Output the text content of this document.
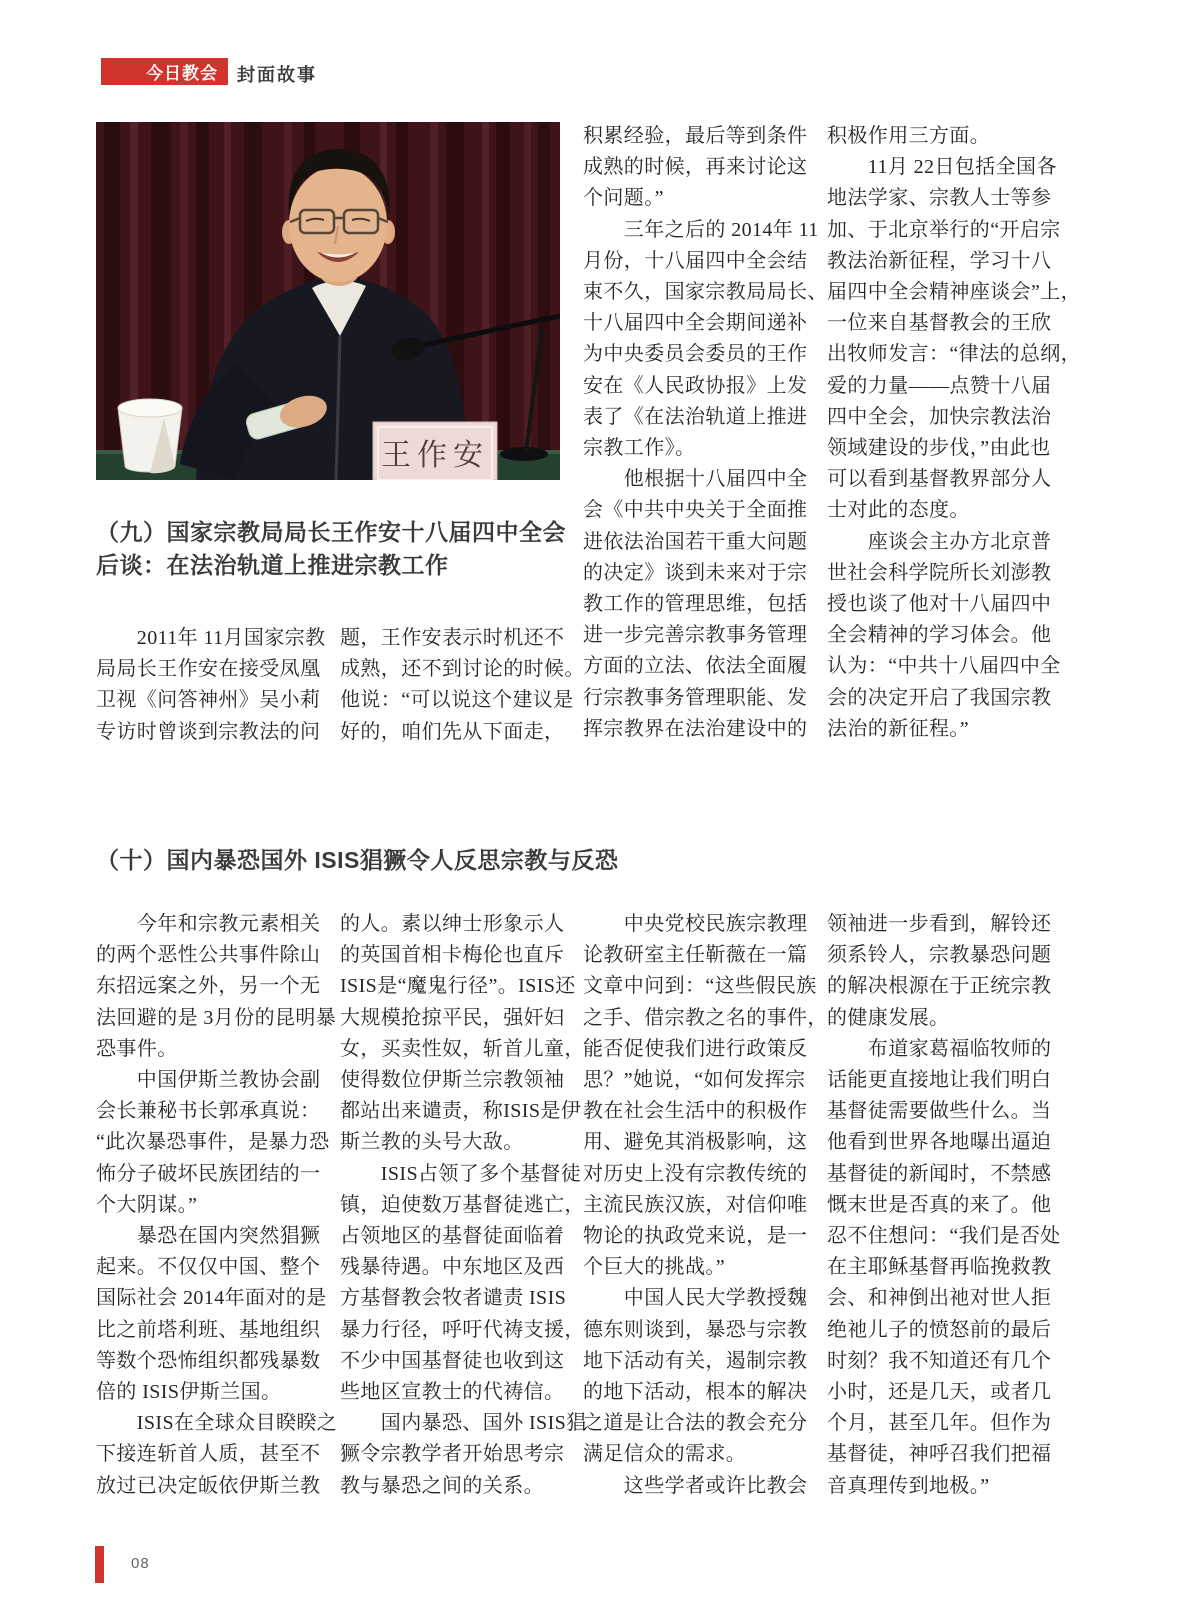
今日教会 封面故事
王作安
（九）国家宗教局局长王作安十八届四中全会
后谈：在法治轨道上推进宗教工作
　　2011年 11月国家宗教
局局长王作安在接受凤凰
卫视《问答神州》吴小莉
专访时曾谈到宗教法的问
题，王作安表示时机还不
成熟，还不到讨论的时候。
他说：“可以说这个建议是
好的，咱们先从下面走，
积累经验，最后等到条件
成熟的时候，再来讨论这
个问题。”
　　三年之后的 2014年 11
月份，十八届四中全会结
束不久，国家宗教局局长、
十八届四中全会期间递补
为中央委员会委员的王作
安在《人民政协报》上发
表了《在法治轨道上推进
宗教工作》。
　　他根据十八届四中全
会《中共中央关于全面推
进依法治国若干重大问题
的决定》谈到未来对于宗
教工作的管理思维，包括
进一步完善宗教事务管理
方面的立法、依法全面履
行宗教事务管理职能、发
挥宗教界在法治建设中的
积极作用三方面。
　　11月 22日包括全国各
地法学家、宗教人士等参
加、于北京举行的“开启宗
教法治新征程，学习十八
届四中全会精神座谈会”上，
一位来自基督教会的王欣
出牧师发言：“律法的总纲，
爱的力量——点赞十八届
四中全会，加快宗教法治
领域建设的步伐，”由此也
可以看到基督教界部分人
士对此的态度。
　　座谈会主办方北京普
世社会科学院所长刘澎教
授也谈了他对十八届四中
全会精神的学习体会。他
认为：“中共十八届四中全
会的决定开启了我国宗教
法治的新征程。”
（十）国内暴恐国外 ISIS猖獗令人反思宗教与反恐
　　今年和宗教元素相关
的两个恶性公共事件除山
东招远案之外，另一个无
法回避的是 3月份的昆明暴
恐事件。
　　中国伊斯兰教协会副
会长兼秘书长郭承真说：
“此次暴恐事件，是暴力恐
怖分子破坏民族团结的一
个大阴谋。”
　　暴恐在国内突然猖獗
起来。不仅仅中国、整个
国际社会 2014年面对的是
比之前塔利班、基地组织
等数个恐怖组织都残暴数
倍的 ISIS伊斯兰国。
　　ISIS在全球众目睽睽之
下接连斩首人质，甚至不
放过已决定皈依伊斯兰教
的人。素以绅士形象示人
的英国首相卡梅伦也直斥
ISIS是“魔鬼行径”。ISIS还
大规模抢掠平民，强奸妇
女，买卖性奴，斩首儿童，
使得数位伊斯兰宗教领袖
都站出来谴责，称ISIS是伊
斯兰教的头号大敌。
　　ISIS占领了多个基督徒
镇，迫使数万基督徒逃亡，
占领地区的基督徒面临着
残暴待遇。中东地区及西
方基督教会牧者谴责 ISIS
暴力行径，呼吁代祷支援，
不少中国基督徒也收到这
些地区宣教士的代祷信。
　　国内暴恐、国外 ISIS猖
獗令宗教学者开始思考宗
教与暴恐之间的关系。
　　中央党校民族宗教理
论教研室主任靳薇在一篇
文章中问到：“这些假民族
之手、借宗教之名的事件，
能否促使我们进行政策反
思？”她说，“如何发挥宗
教在社会生活中的积极作
用、避免其消极影响，这
对历史上没有宗教传统的
主流民族汉族，对信仰唯
物论的执政党来说，是一
个巨大的挑战。”
　　中国人民大学教授魏
德东则谈到，暴恐与宗教
地下活动有关，遏制宗教
的地下活动，根本的解决
之道是让合法的教会充分
满足信众的需求。
　　这些学者或许比教会
领袖进一步看到，解铃还
须系铃人，宗教暴恐问题
的解决根源在于正统宗教
的健康发展。
　　布道家葛福临牧师的
话能更直接地让我们明白
基督徒需要做些什么。当
他看到世界各地曝出逼迫
基督徒的新闻时，不禁感
慨末世是否真的来了。他
忍不住想问：“我们是否处
在主耶稣基督再临挽救教
会、和神倒出祂对世人拒
绝祂儿子的愤怒前的最后
时刻？我不知道还有几个
小时，还是几天，或者几
个月，甚至几年。但作为
基督徒，神呼召我们把福
音真理传到地极。”
08
